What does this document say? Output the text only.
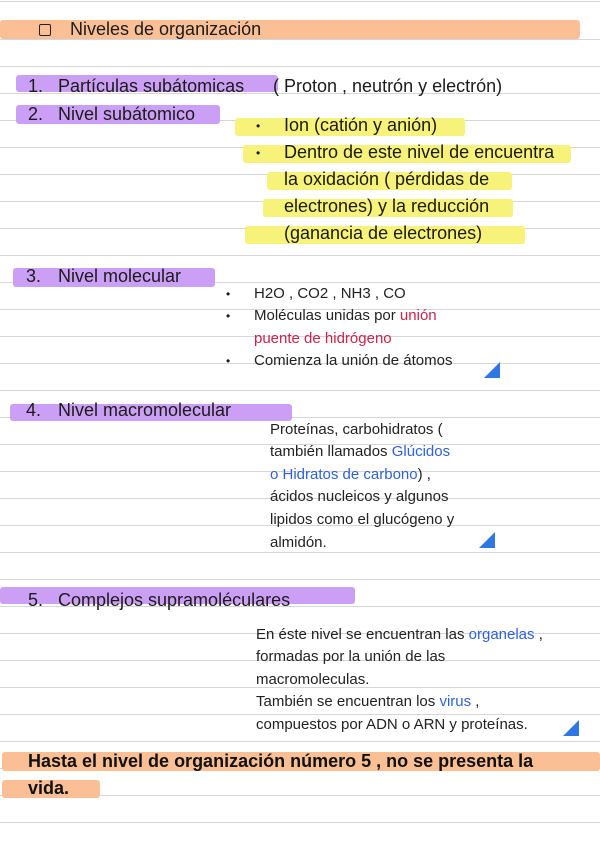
Niveles de organización
1. Partículas subátomicas ( Proton , neutrón y electrón)
2. Nivel subátomico
• Ion (catión y anión)
• Dentro de este nivel de encuentra
la oxidación ( pérdidas de
electrones) y la reducción
(ganancia de electrones)
3. Nivel molecular
• H2O , CO2 , NH3 , CO
• Moléculas unidas por unión
puente de hidrógeno
• Comienza la unión de átomos
4. Nivel macromolecular
Proteínas, carbohidratos (
también llamados Glúcidos
o Hidratos de carbono) ,
ácidos nucleicos y algunos
lipidos como el glucógeno y
almidón.
5. Complejos supramoléculares
En éste nivel se encuentran las organelas ,
formadas por la unión de las
macromoleculas.
También se encuentran los virus ,
compuestos por ADN o ARN y proteínas.
Hasta el nivel de organización número 5 , no se presenta la
vida.
